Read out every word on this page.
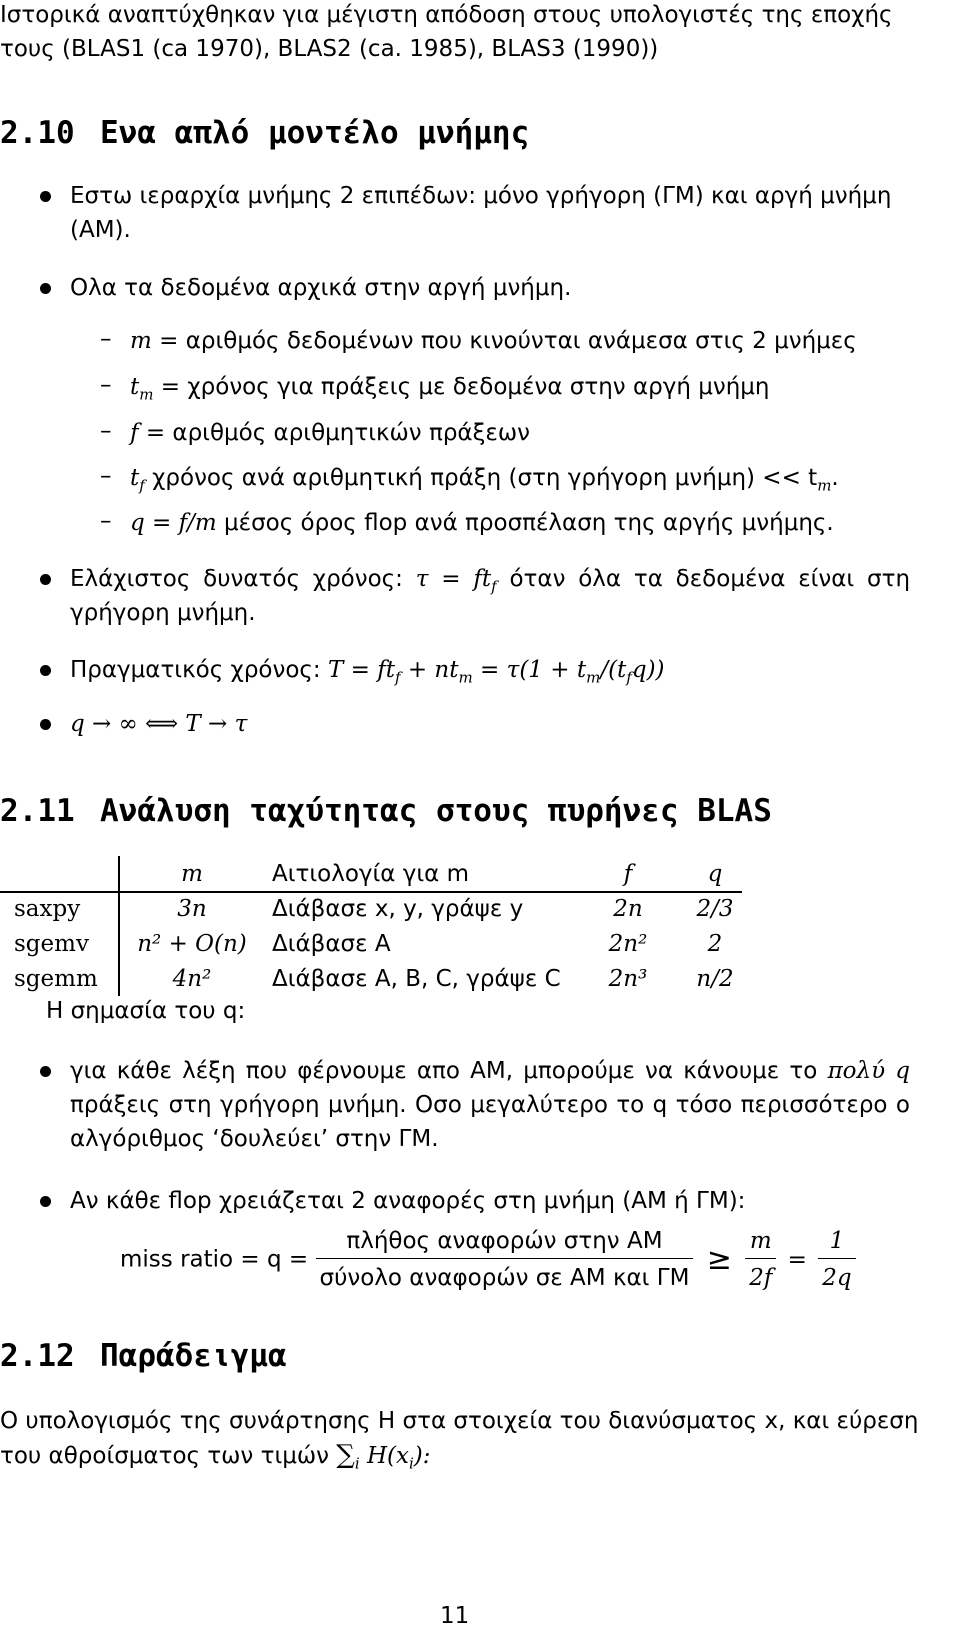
Ιστορικά αναπτύχθηκαν για μέγιστη απόδοση στους υπολογιστές της εποχής
τους (BLAS1 (ca 1970), BLAS2 (ca. 1985), BLAS3 (1990))
2.10 Ενα απλό μοντέλο μνήμης
Εστω ιεραρχία μνήμης 2 επιπέδων: μόνο γρήγορη (ΓΜ) και αργή μνήμη
(ΑΜ).
Ολα τα δεδομένα αρχικά στην αργή μνήμη.
– m = αριθμός δεδομένων που κινούνται ανάμεσα στις 2 μνήμες
– $t_m = \chi\rho ό\nu o\varsigma$ για πράξεις με δεδομένα στην αργή μνήμη
– f = αριθμός αριθμητικών πράξεων
– $t_f$ χρόνος ανά αριθμητική πράξη (στη γρήγορη $\mu\nu ή\mu\eta) << t_m$.
– q = f/m μέσος όρος flop ανά προσπέλαση της αργής μνήμης.
Ελάχιστος δυνατός χρόνος: $\tau = ft_f$ όταν όλα τα δεδομένα είναι στη
γρήγορη μνήμη.
Πραγματικός χρόνος: $T = ft_f + nt_m = \tau(1 + t_m/(t_fq))$
q → ∞ ⟺ T → τ
2.11 Ανάλυση ταχύτητας στους πυρήνες BLAS
	m	Αιτιολογία για m	f	q
saxpy	3n	Διάβασε x, y, γράψε y	2n	2/3
sgemv	n² + O(n)	Διάβασε A	2n²	2
sgemm	4n²	Διάβασε A, B, C, γράψε C	2n³	n/2
Η σημασία του q:
για κάθε λέξη που φέρνουμε απο ΑΜ, μπορούμε να κάνουμε το πολύ q
πράξεις στη γρήγορη μνήμη. Οσο μεγαλύτερο το q τόσο περισσότερο ο
αλγόριθμος ‘δουλεύει’ στην ΓΜ.
Αν κάθε flop χρειάζεται 2 αναφορές στη μνήμη (ΑΜ ή ΓΜ):
miss ratio = $q = \frac{\text{πλήθος αναφορών στην ΑΜ}}{\text{σύνολο αναφορών σε ΑΜ και ΓΜ}} \ge \frac{m}{2f} = \frac{1}{2q}$
2.12 Παράδειγμα
Ο υπολογισμός της συνάρτησης H στα στοιχεία του διανύσματος x, και εύρεση
του αθροίσματος των τιμών $\sum_i$ $H(x_i)$:
11
